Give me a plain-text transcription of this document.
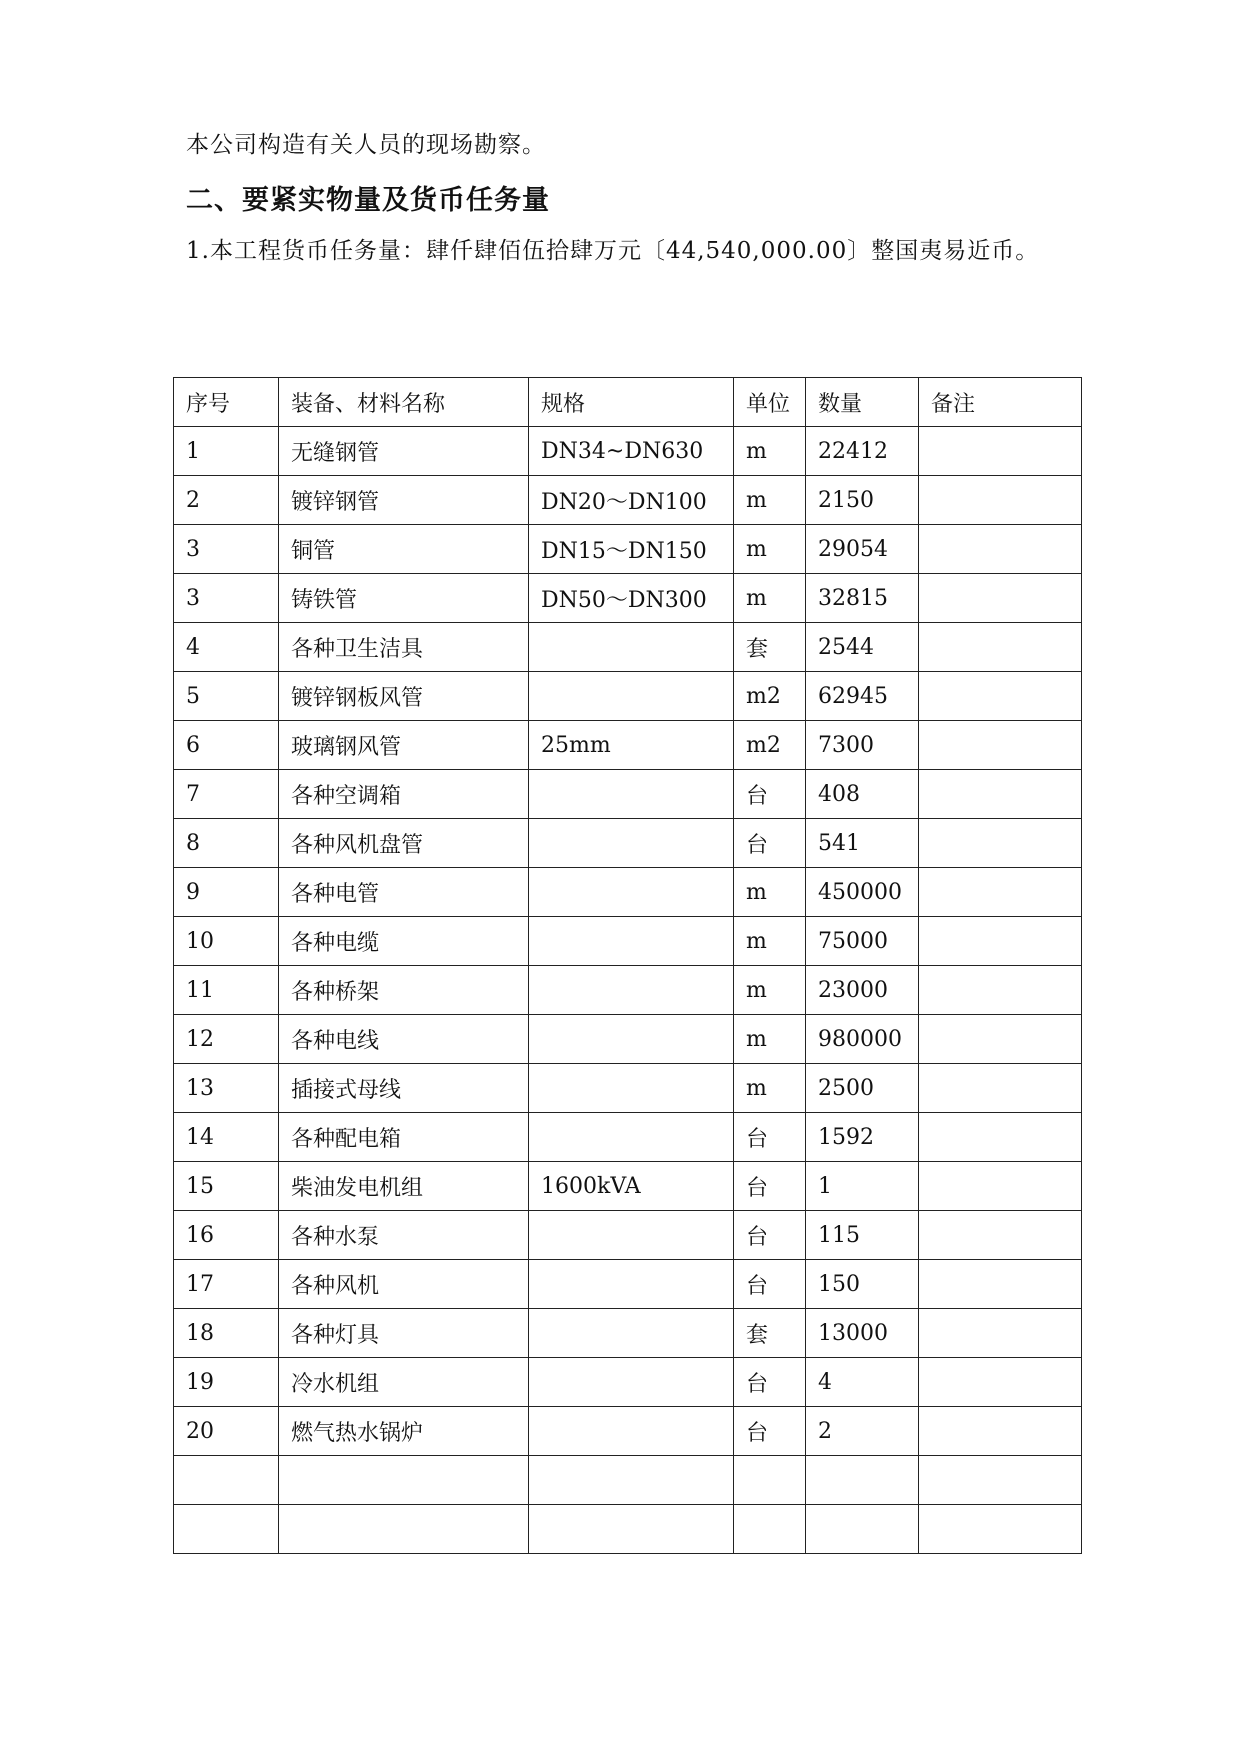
本公司构造有关人员的现场勘察。
二、要紧实物量及货币任务量
1.本工程货币任务量：肆仟肆佰伍拾肆万元〔44,540,000.00〕整国夷易近币。
序号	装备、材料名称	规格	单位	数量	备注
1	无缝钢管	DN34~DN630	m	22412	
2	镀锌钢管	DN20～DN100	m	2150	
3	铜管	DN15～DN150	m	29054	
3	铸铁管	DN50～DN300	m	32815	
4	各种卫生洁具		套	2544	
5	镀锌钢板风管		m2	62945	
6	玻璃钢风管	25mm	m2	7300	
7	各种空调箱		台	408	
8	各种风机盘管		台	541	
9	各种电管		m	450000	
10	各种电缆		m	75000	
11	各种桥架		m	23000	
12	各种电线		m	980000	
13	插接式母线		m	2500	
14	各种配电箱		台	1592	
15	柴油发电机组	1600kVA	台	1	
16	各种水泵		台	115	
17	各种风机		台	150	
18	各种灯具		套	13000	
19	冷水机组		台	4	
20	燃气热水锅炉		台	2	
